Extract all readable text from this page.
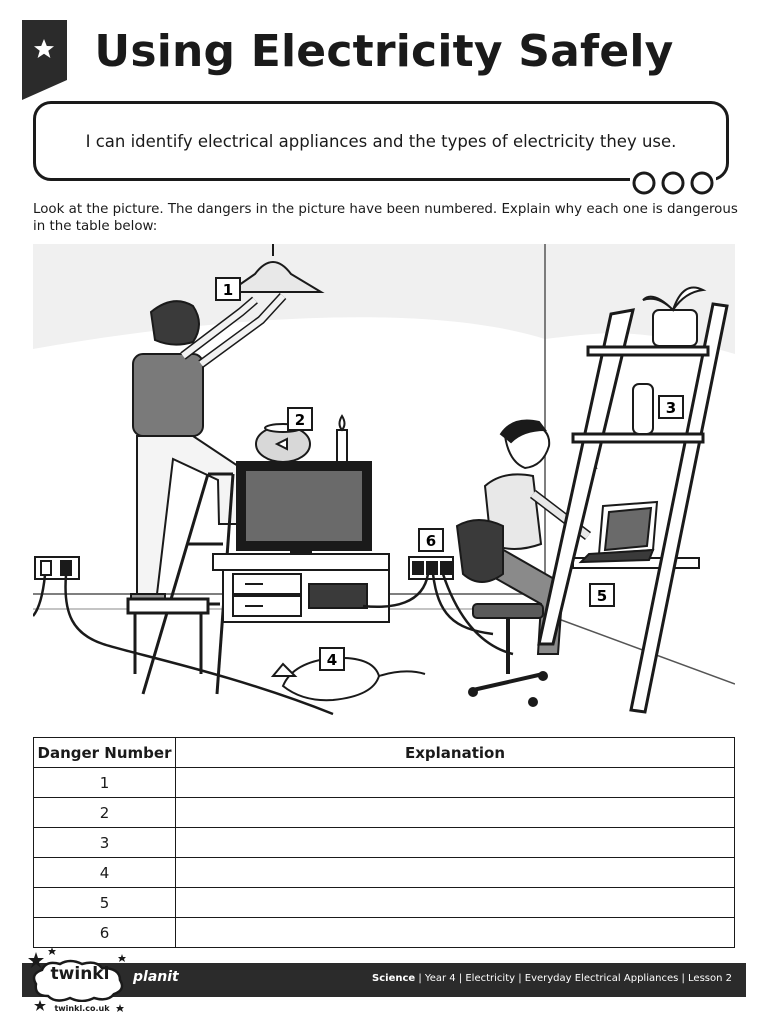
Using Electricity Safely
I can identify electrical appliances and the types of electricity they use.
Look at the picture. The dangers in the picture have been numbered. Explain why each one is dangerous in the table below:
1
2
3
4
5
6
Danger Number	Explanation
1	
2	
3	
4	
5	
6	
twinkl
twinkl.co.uk
planit	Science | Year 4 | Electricity | Everyday Electrical Appliances | Lesson 2
